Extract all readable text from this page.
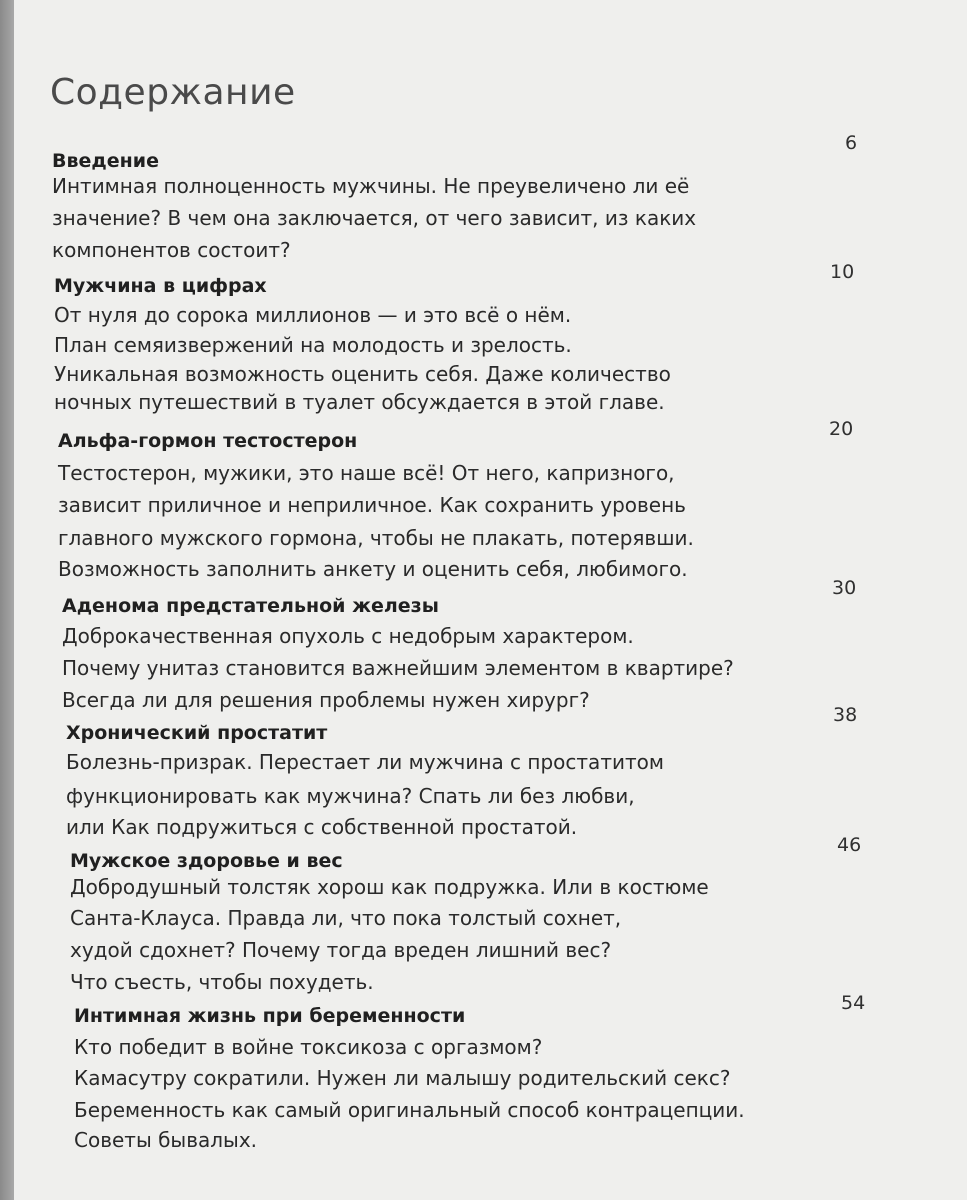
Содержание
Введение
6
Интимная полноценность мужчины. Не преувеличено ли её
значение? В чем она заключается, от чего зависит, из каких
компонентов состоит?
Мужчина в цифрах
10
От нуля до сорока миллионов — и это всё о нём.
План семяизвержений на молодость и зрелость.
Уникальная возможность оценить себя. Даже количество
ночных путешествий в туалет обсуждается в этой главе.
Альфа-гормон тестостерон
20
Тестостерон, мужики, это наше всё! От него, капризного,
зависит приличное и неприличное. Как сохранить уровень
главного мужского гормона, чтобы не плакать, потерявши.
Возможность заполнить анкету и оценить себя, любимого.
Аденома предстательной железы
30
Доброкачественная опухоль с недобрым характером.
Почему унитаз становится важнейшим элементом в квартире?
Всегда ли для решения проблемы нужен хирург?
Хронический простатит
38
Болезнь-призрак. Перестает ли мужчина с простатитом
функционировать как мужчина? Спать ли без любви,
или Как подружиться с собственной простатой.
Мужское здоровье и вес
46
Добродушный толстяк хорош как подружка. Или в костюме
Санта-Клауса. Правда ли, что пока толстый сохнет,
худой сдохнет? Почему тогда вреден лишний вес?
Что съесть, чтобы похудеть.
Интимная жизнь при беременности
54
Кто победит в войне токсикоза с оргазмом?
Камасутру сократили. Нужен ли малышу родительский секс?
Беременность как самый оригинальный способ контрацепции.
Советы бывалых.
